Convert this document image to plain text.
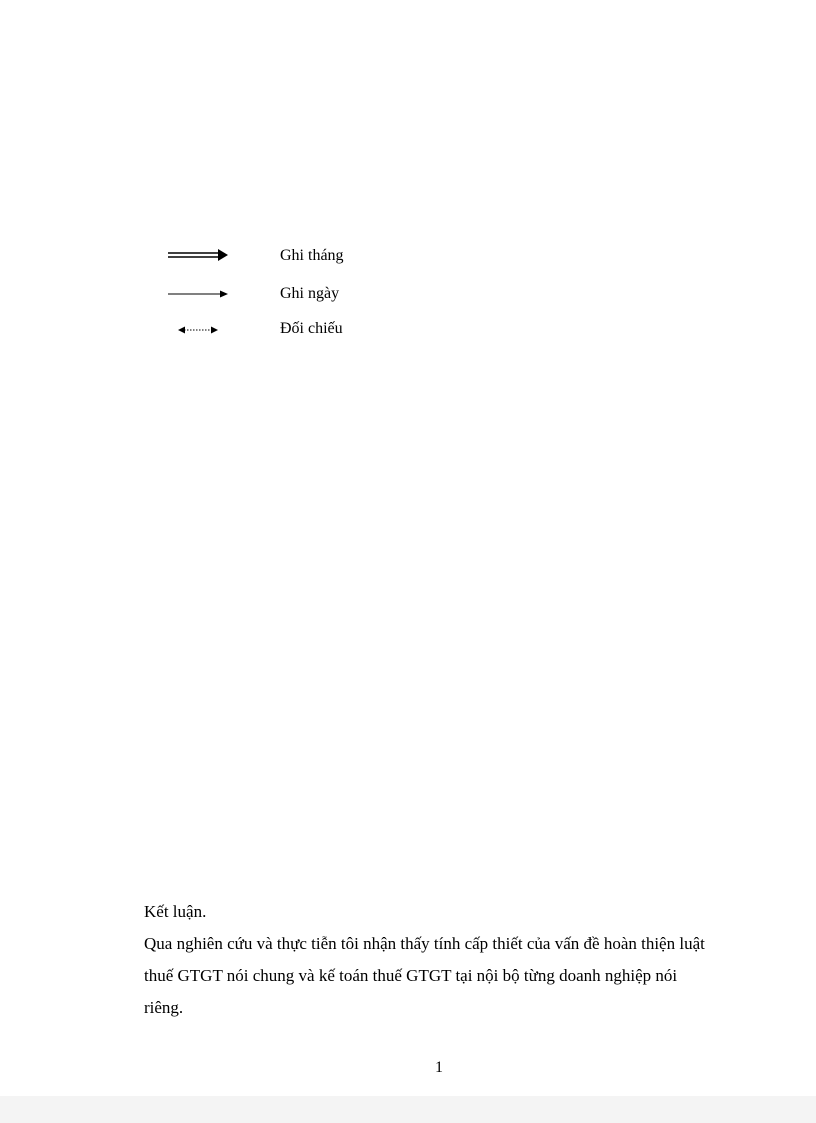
Ghi tháng
Ghi ngày
Đối chiếu
Kết luận.
Qua nghiên cứu và thực tiễn tôi nhận thấy tính cấp thiết của vấn đề hoàn thiện luật thuế GTGT nói chung và kế toán thuế GTGT tại nội bộ từng doanh nghiệp nói riêng.
1
